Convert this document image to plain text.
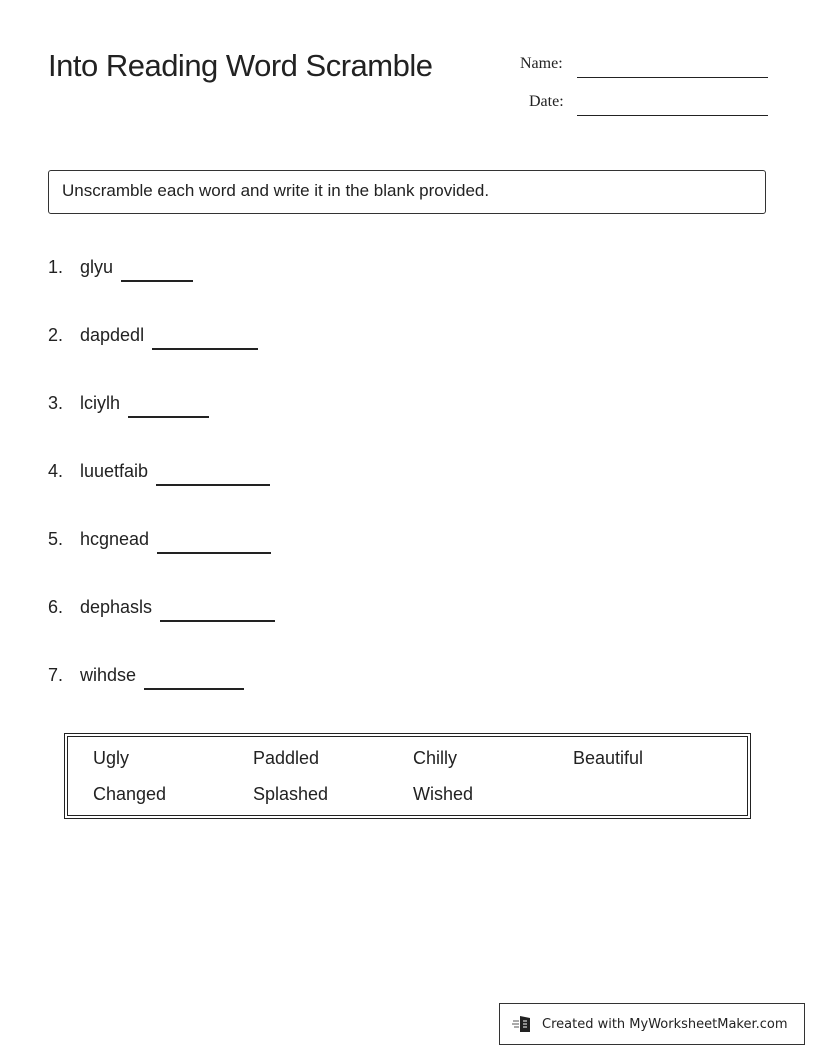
Into Reading Word Scramble	Name:
Date:
Unscramble each word and write it in the blank provided.
1. glyu
2. dapdedl
3. lciylh
4. luuetfaib
5. hcgnead
6. dephasls
7. wihdse
Ugly	Paddled	Chilly	Beautiful
Changed	Splashed	Wished
Created with MyWorksheetMaker.com
